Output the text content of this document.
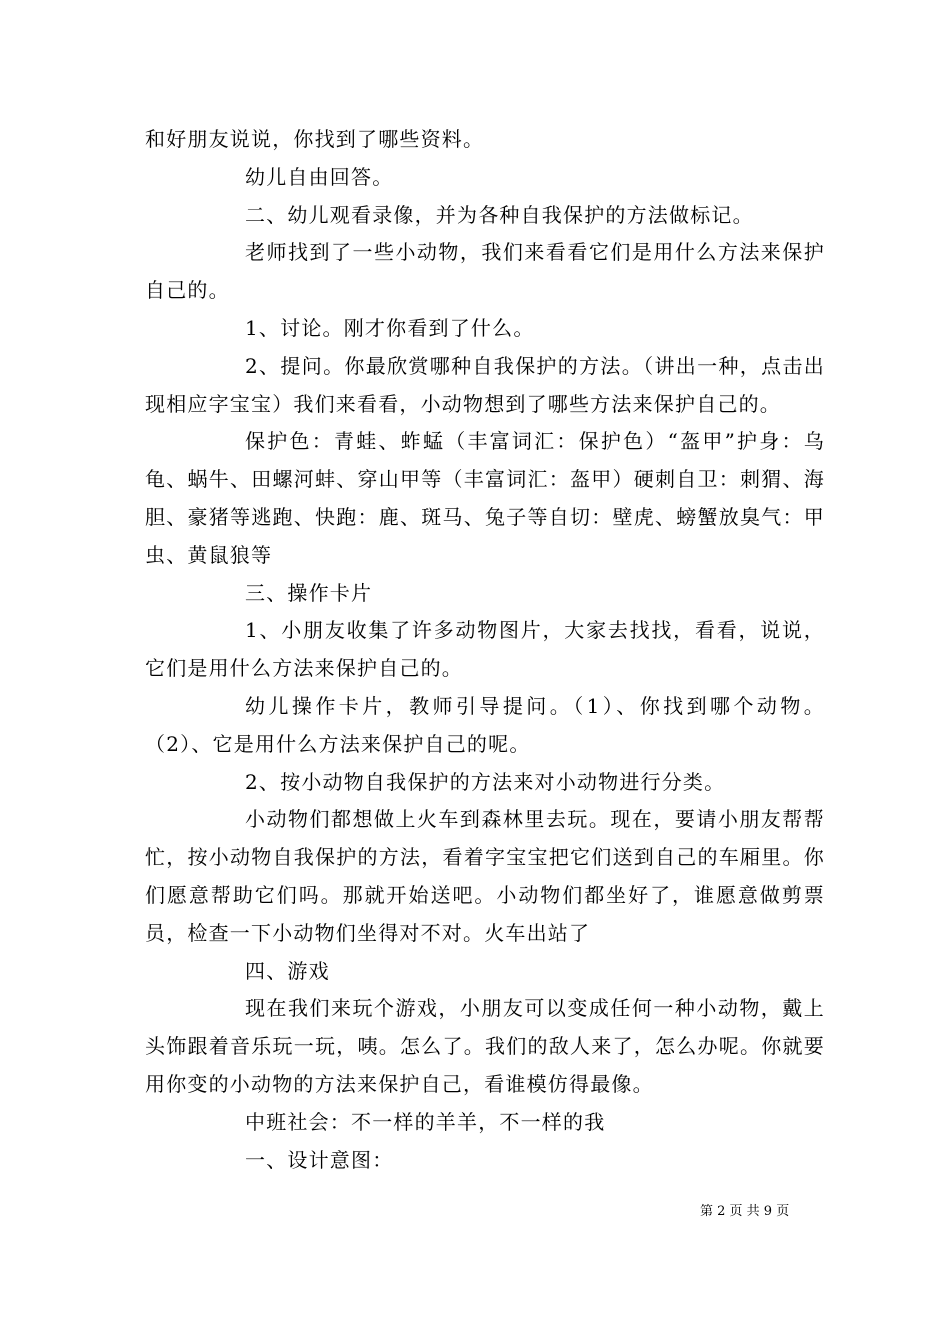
和好朋友说说，你找到了哪些资料。

幼儿自由回答。

二、幼儿观看录像，并为各种自我保护的方法做标记。

老师找到了一些小动物，我们来看看它们是用什么方法来保护自己的。

1、讨论。刚才你看到了什么。

2、提问。你最欣赏哪种自我保护的方法。（讲出一种，点击出现相应字宝宝）我们来看看，小动物想到了哪些方法来保护自己的。

保护色：青蛙、蚱蜢（丰富词汇：保护色）“盔甲”护身：乌龟、蜗牛、田螺河蚌、穿山甲等（丰富词汇：盔甲）硬刺自卫：刺猬、海胆、豪猪等逃跑、快跑：鹿、斑马、兔子等自切：壁虎、螃蟹放臭气：甲虫、黄鼠狼等

三、操作卡片

1、小朋友收集了许多动物图片，大家去找找，看看，说说，它们是用什么方法来保护自己的。

幼儿操作卡片，教师引导提问。（1）、你找到哪个动物。（2）、它是用什么方法来保护自己的呢。

2、按小动物自我保护的方法来对小动物进行分类。

小动物们都想做上火车到森林里去玩。现在，要请小朋友帮帮忙，按小动物自我保护的方法，看着字宝宝把它们送到自己的车厢里。你们愿意帮助它们吗。那就开始送吧。小动物们都坐好了，谁愿意做剪票员，检查一下小动物们坐得对不对。火车出站了

四、游戏

现在我们来玩个游戏，小朋友可以变成任何一种小动物，戴上头饰跟着音乐玩一玩，咦。怎么了。我们的敌人来了，怎么办呢。你就要用你变的小动物的方法来保护自己，看谁模仿得最像。

中班社会：不一样的羊羊，不一样的我

一、设计意图：

第 2 页 共 9 页
